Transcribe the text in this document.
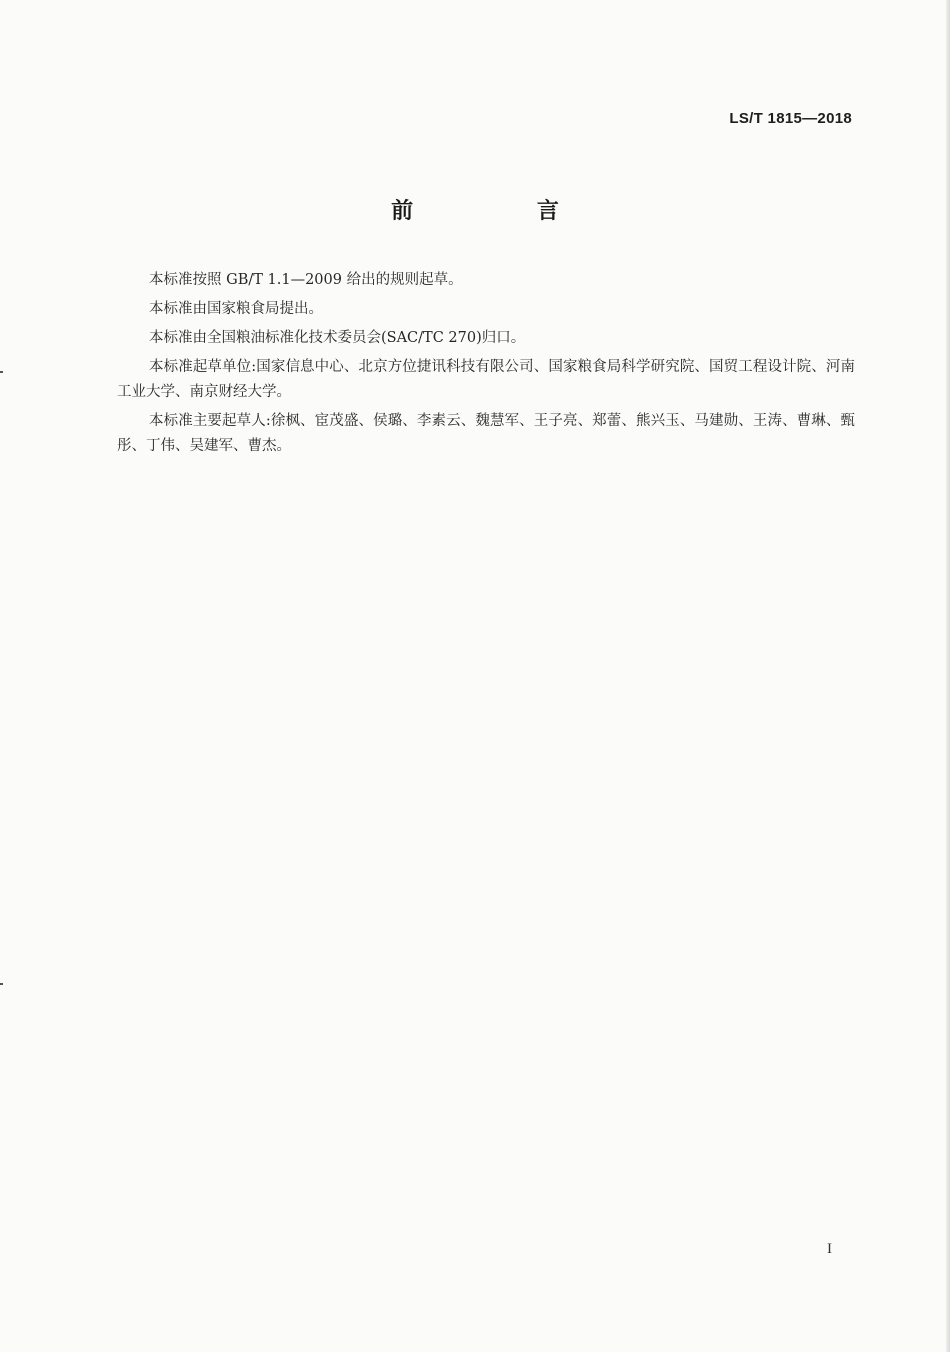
LS/T 1815—2018
前 言

本标准按照 GB/T 1.1—2009 给出的规则起草。

本标准由国家粮食局提出。

本标准由全国粮油标准化技术委员会(SAC/TC 270)归口。

本标准起草单位:国家信息中心、北京方位捷讯科技有限公司、国家粮食局科学研究院、国贸工程设计院、河南工业大学、南京财经大学。

本标准主要起草人:徐枫、宦茂盛、侯璐、李素云、魏慧军、王子亮、郑蕾、熊兴玉、马建勋、王涛、曹琳、甄彤、丁伟、吴建军、曹杰。

I
